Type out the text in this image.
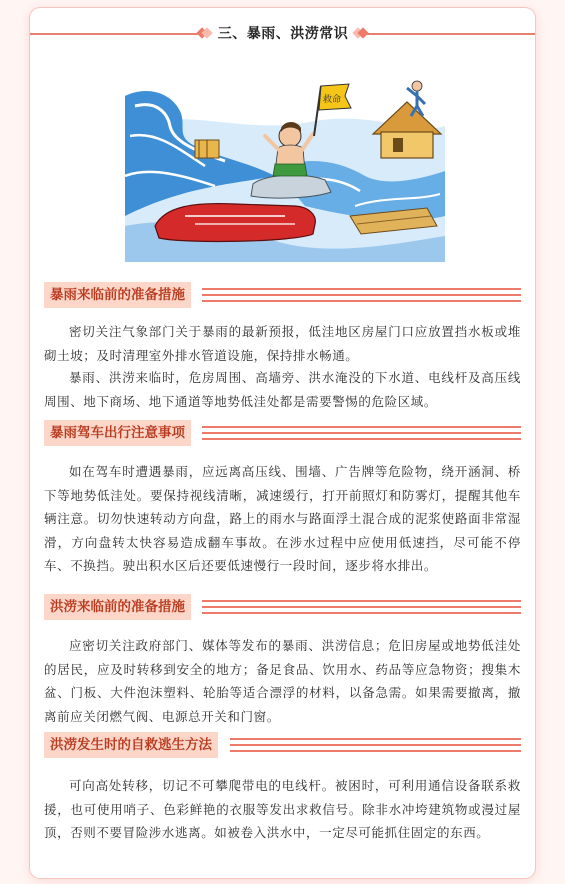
三、暴雨、洪涝常识
救命
暴雨来临前的准备措施

密切关注气象部门关于暴雨的最新预报，低洼地区房屋门口应放置挡水板或堆砌土坡；及时清理室外排水管道设施，保持排水畅通。

暴雨、洪涝来临时，危房周围、高墙旁、洪水淹没的下水道、电线杆及高压线周围、地下商场、地下通道等地势低洼处都是需要警惕的危险区域。

暴雨驾车出行注意事项

如在驾车时遭遇暴雨，应远离高压线、围墙、广告牌等危险物，绕开涵洞、桥下等地势低洼处。要保持视线清晰，减速缓行，打开前照灯和防雾灯，提醒其他车辆注意。切勿快速转动方向盘，路上的雨水与路面浮土混合成的泥浆使路面非常湿滑，方向盘转太快容易造成翻车事故。在涉水过程中应使用低速挡，尽可能不停车、不换挡。驶出积水区后还要低速慢行一段时间，逐步将水排出。

洪涝来临前的准备措施

应密切关注政府部门、媒体等发布的暴雨、洪涝信息；危旧房屋或地势低洼处的居民，应及时转移到安全的地方；备足食品、饮用水、药品等应急物资；搜集木盆、门板、大件泡沫塑料、轮胎等适合漂浮的材料，以备急需。如果需要撤离，撤离前应关闭燃气阀、电源总开关和门窗。

洪涝发生时的自救逃生方法

可向高处转移，切记不可攀爬带电的电线杆。被困时，可利用通信设备联系救援，也可使用哨子、色彩鲜艳的衣服等发出求救信号。除非水冲垮建筑物或漫过屋顶，否则不要冒险涉水逃离。如被卷入洪水中，一定尽可能抓住固定的东西。
